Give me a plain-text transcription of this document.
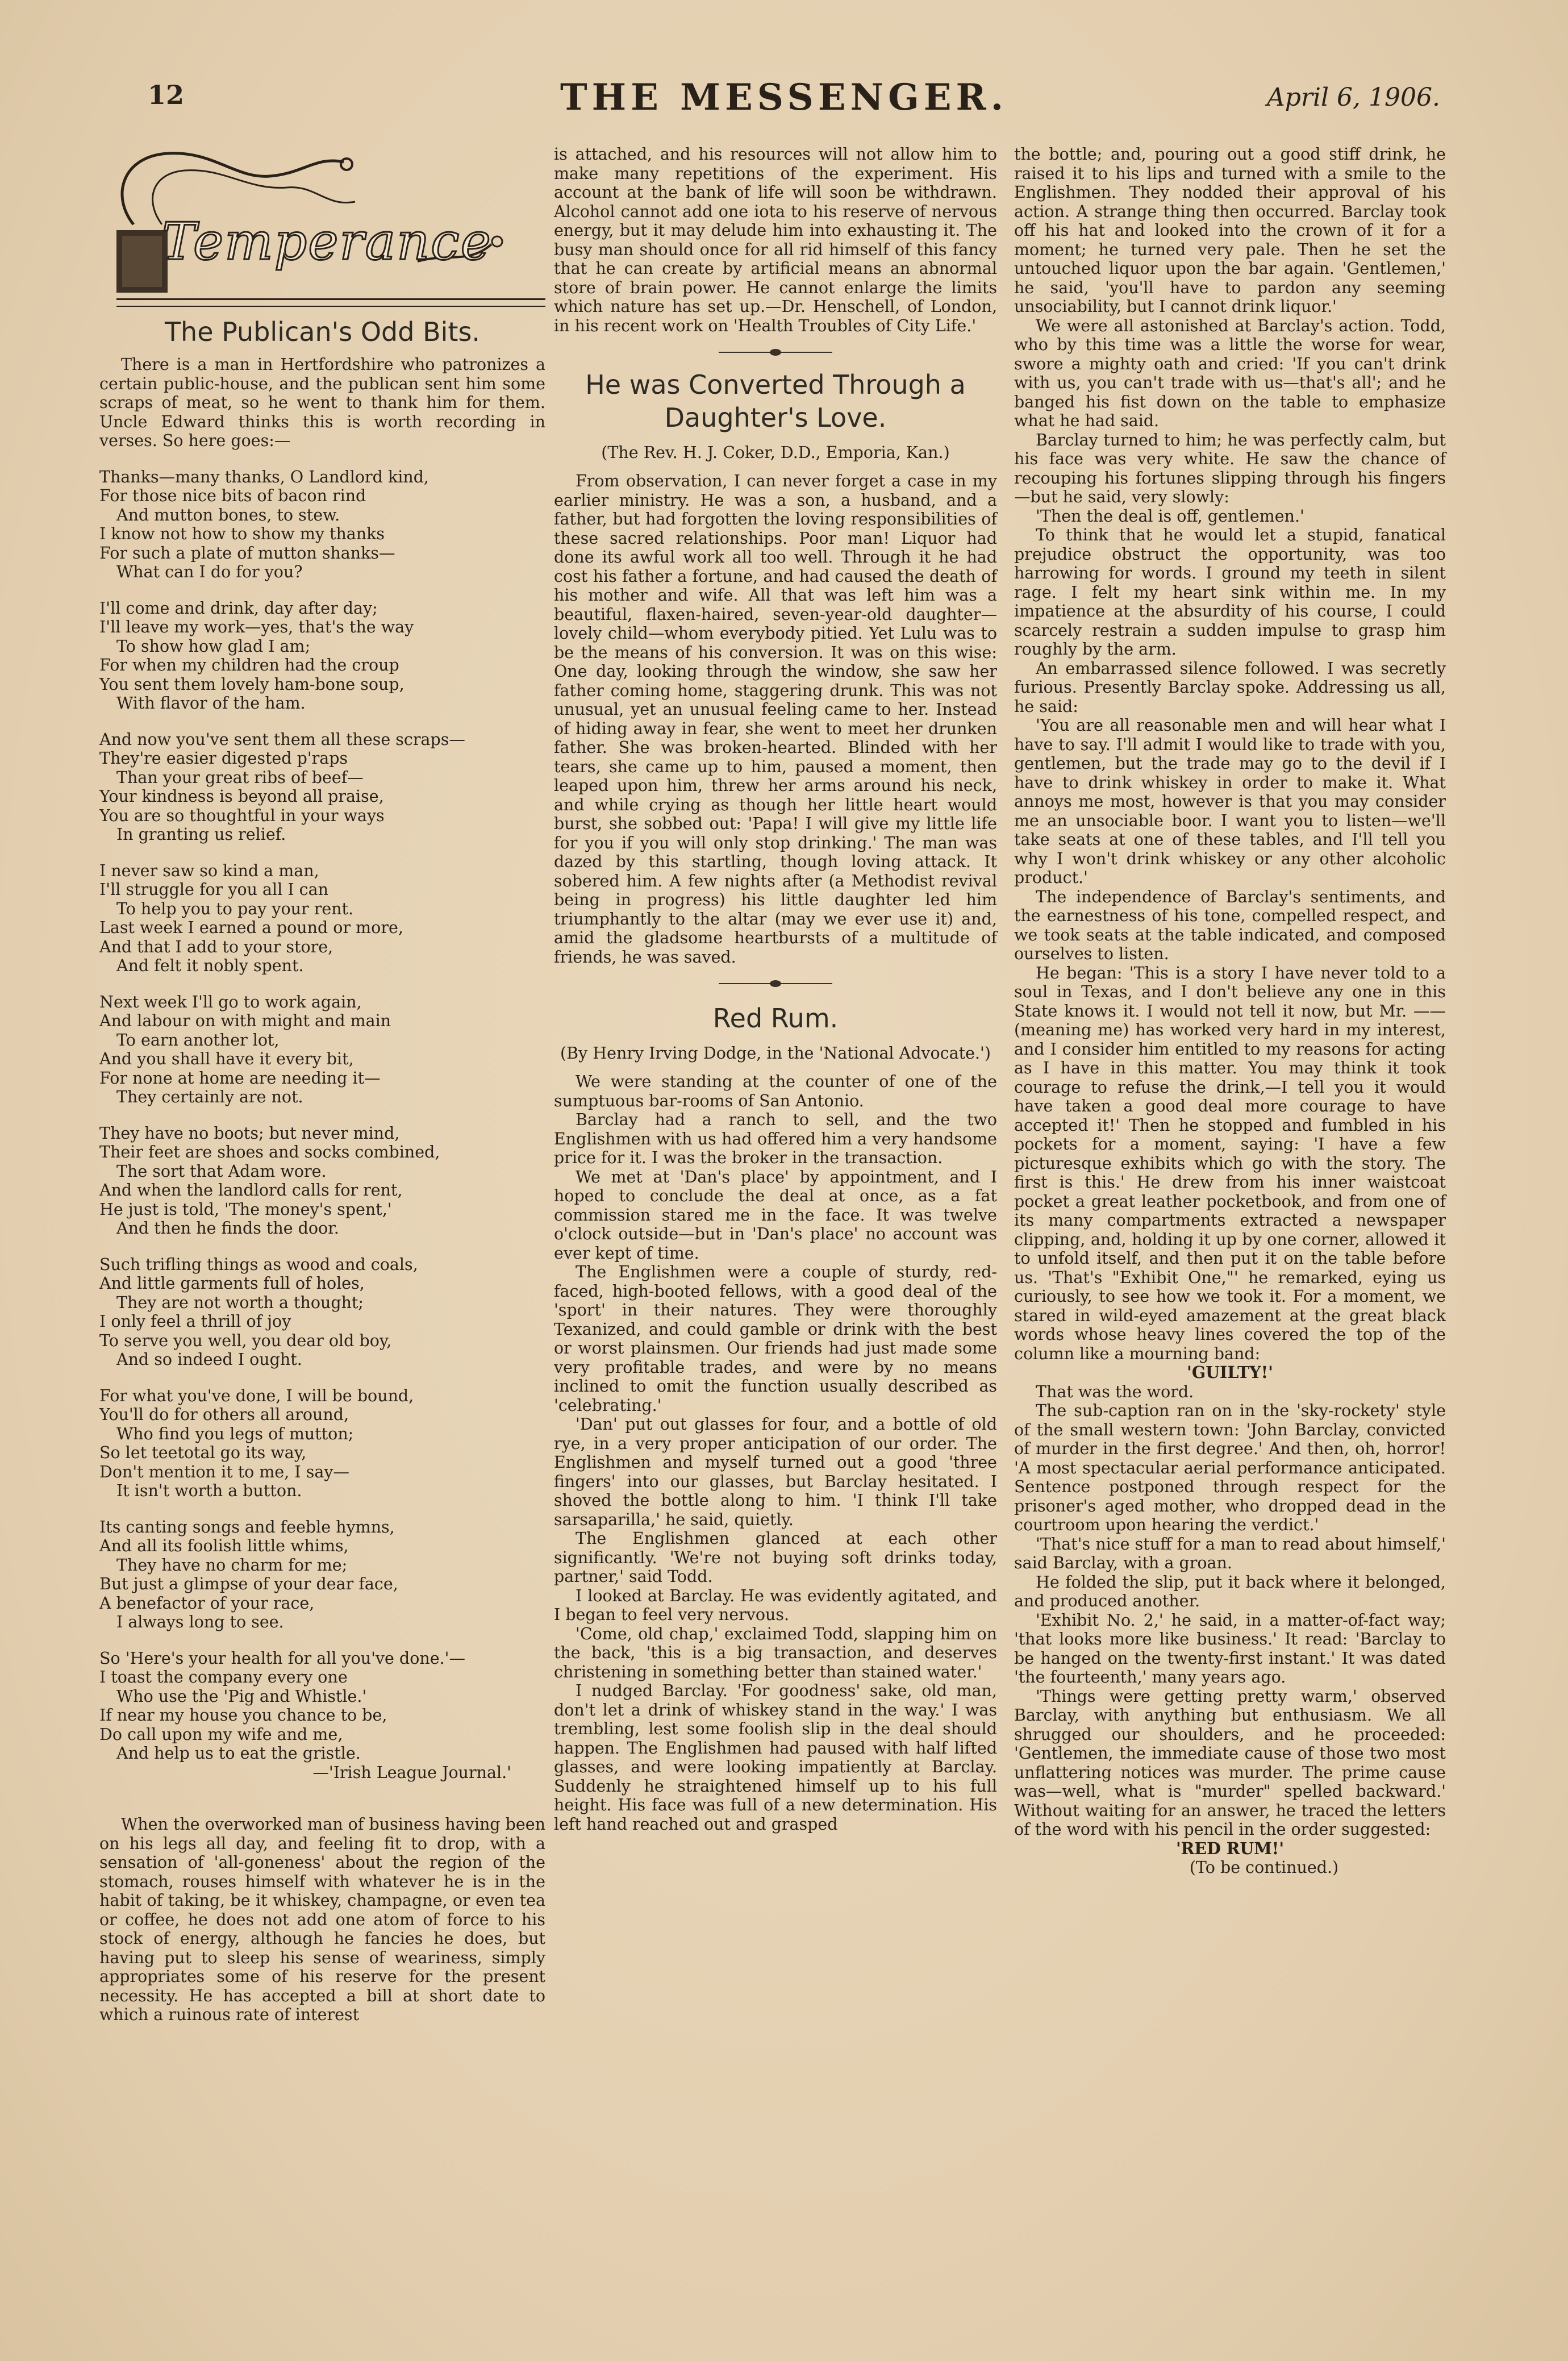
12	THE MESSENGER.	April 6, 1906.
Temperance
The Publican's Odd Bits.

There is a man in Hertfordshire who patronizes a certain public-house, and the publican sent him some scraps of meat, so he went to thank him for them. Uncle Edward thinks this is worth recording in verses. So here goes:—

Thanks—many thanks, O Landlord kind,
For those nice bits of bacon rind
And mutton bones, to stew.
I know not how to show my thanks
For such a plate of mutton shanks—
What can I do for you?
I'll come and drink, day after day;
I'll leave my work—yes, that's the way
To show how glad I am;
For when my children had the croup
You sent them lovely ham-bone soup,
With flavor of the ham.
And now you've sent them all these scraps—
They're easier digested p'raps
Than your great ribs of beef—
Your kindness is beyond all praise,
You are so thoughtful in your ways
In granting us relief.
I never saw so kind a man,
I'll struggle for you all I can
To help you to pay your rent.
Last week I earned a pound or more,
And that I add to your store,
And felt it nobly spent.
Next week I'll go to work again,
And labour on with might and main
To earn another lot,
And you shall have it every bit,
For none at home are needing it—
They certainly are not.
They have no boots; but never mind,
Their feet are shoes and socks combined,
The sort that Adam wore.
And when the landlord calls for rent,
He just is told, 'The money's spent,'
And then he finds the door.
Such trifling things as wood and coals,
And little garments full of holes,
They are not worth a thought;
I only feel a thrill of joy
To serve you well, you dear old boy,
And so indeed I ought.
For what you've done, I will be bound,
You'll do for others all around,
Who find you legs of mutton;
So let teetotal go its way,
Don't mention it to me, I say—
It isn't worth a button.
Its canting songs and feeble hymns,
And all its foolish little whims,
They have no charm for me;
But just a glimpse of your dear face,
A benefactor of your race,
I always long to see.
So 'Here's your health for all you've done.'—
I toast the company every one
Who use the 'Pig and Whistle.'
If near my house you chance to be,
Do call upon my wife and me,
And help us to eat the gristle.

—'Irish League Journal.'

When the overworked man of business having been on his legs all day, and feeling fit to drop, with a sensation of 'all-goneness' about the region of the stomach, rouses himself with whatever he is in the habit of taking, be it whiskey, champagne, or even tea or coffee, he does not add one atom of force to his stock of energy, although he fancies he does, but having put to sleep his sense of weariness, simply appropriates some of his reserve for the present necessity. He has accepted a bill at short date to which a ruinous rate of interest

is attached, and his resources will not allow him to make many repetitions of the experiment. His account at the bank of life will soon be withdrawn. Alcohol cannot add one iota to his reserve of nervous energy, but it may delude him into exhausting it. The busy man should once for all rid himself of this fancy that he can create by artificial means an abnormal store of brain power. He cannot enlarge the limits which nature has set up.—Dr. Henschell, of London, in his recent work on 'Health Troubles of City Life.'

He was Converted Through a Daughter's Love.

(The Rev. H. J. Coker, D.D., Emporia, Kan.)

From observation, I can never forget a case in my earlier ministry. He was a son, a husband, and a father, but had forgotten the loving responsibilities of these sacred relationships. Poor man! Liquor had done its awful work all too well. Through it he had cost his father a fortune, and had caused the death of his mother and wife. All that was left him was a beautiful, flaxen-haired, seven-year-old daughter—lovely child—whom everybody pitied. Yet Lulu was to be the means of his conversion. It was on this wise: One day, looking through the window, she saw her father coming home, staggering drunk. This was not unusual, yet an unusual feeling came to her. Instead of hiding away in fear, she went to meet her drunken father. She was broken-hearted. Blinded with her tears, she came up to him, paused a moment, then leaped upon him, threw her arms around his neck, and while crying as though her little heart would burst, she sobbed out: 'Papa! I will give my little life for you if you will only stop drinking.' The man was dazed by this startling, though loving attack. It sobered him. A few nights after (a Methodist revival being in progress) his little daughter led him triumphantly to the altar (may we ever use it) and, amid the gladsome heartbursts of a multitude of friends, he was saved.

Red Rum.

(By Henry Irving Dodge, in the 'National Advocate.')

We were standing at the counter of one of the sumptuous bar-rooms of San Antonio.

Barclay had a ranch to sell, and the two Englishmen with us had offered him a very handsome price for it. I was the broker in the transaction.

We met at 'Dan's place' by appointment, and I hoped to conclude the deal at once, as a fat commission stared me in the face. It was twelve o'clock outside—but in 'Dan's place' no account was ever kept of time.

The Englishmen were a couple of sturdy, red-faced, high-booted fellows, with a good deal of the 'sport' in their natures. They were thoroughly Texanized, and could gamble or drink with the best or worst plainsmen. Our friends had just made some very profitable trades, and were by no means inclined to omit the function usually described as 'celebrating.'

'Dan' put out glasses for four, and a bottle of old rye, in a very proper anticipation of our order. The Englishmen and myself turned out a good 'three fingers' into our glasses, but Barclay hesitated. I shoved the bottle along to him. 'I think I'll take sarsaparilla,' he said, quietly.

The Englishmen glanced at each other significantly. 'We're not buying soft drinks today, partner,' said Todd.

I looked at Barclay. He was evidently agitated, and I began to feel very nervous.

'Come, old chap,' exclaimed Todd, slapping him on the back, 'this is a big transaction, and deserves christening in something better than stained water.'

I nudged Barclay. 'For goodness' sake, old man, don't let a drink of whiskey stand in the way.' I was trembling, lest some foolish slip in the deal should happen. The Englishmen had paused with half lifted glasses, and were looking impatiently at Barclay. Suddenly he straightened himself up to his full height. His face was full of a new determination. His left hand reached out and grasped

the bottle; and, pouring out a good stiff drink, he raised it to his lips and turned with a smile to the Englishmen. They nodded their approval of his action. A strange thing then occurred. Barclay took off his hat and looked into the crown of it for a moment; he turned very pale. Then he set the untouched liquor upon the bar again. 'Gentlemen,' he said, 'you'll have to pardon any seeming unsociability, but I cannot drink liquor.'

We were all astonished at Barclay's action. Todd, who by this time was a little the worse for wear, swore a mighty oath and cried: 'If you can't drink with us, you can't trade with us—that's all'; and he banged his fist down on the table to emphasize what he had said.

Barclay turned to him; he was perfectly calm, but his face was very white. He saw the chance of recouping his fortunes slipping through his fingers—but he said, very slowly:

'Then the deal is off, gentlemen.'

To think that he would let a stupid, fanatical prejudice obstruct the opportunity, was too harrowing for words. I ground my teeth in silent rage. I felt my heart sink within me. In my impatience at the absurdity of his course, I could scarcely restrain a sudden impulse to grasp him roughly by the arm.

An embarrassed silence followed. I was secretly furious. Presently Barclay spoke. Addressing us all, he said:

'You are all reasonable men and will hear what I have to say. I'll admit I would like to trade with you, gentlemen, but the trade may go to the devil if I have to drink whiskey in order to make it. What annoys me most, however is that you may consider me an unsociable boor. I want you to listen—we'll take seats at one of these tables, and I'll tell you why I won't drink whiskey or any other alcoholic product.'

The independence of Barclay's sentiments, and the earnestness of his tone, compelled respect, and we took seats at the table indicated, and composed ourselves to listen.

He began: 'This is a story I have never told to a soul in Texas, and I don't believe any one in this State knows it. I would not tell it now, but Mr. —— (meaning me) has worked very hard in my interest, and I consider him entitled to my reasons for acting as I have in this matter. You may think it took courage to refuse the drink,—I tell you it would have taken a good deal more courage to have accepted it!' Then he stopped and fumbled in his pockets for a moment, saying: 'I have a few picturesque exhibits which go with the story. The first is this.' He drew from his inner waistcoat pocket a great leather pocketbook, and from one of its many compartments extracted a newspaper clipping, and, holding it up by one corner, allowed it to unfold itself, and then put it on the table before us. 'That's "Exhibit One,"' he remarked, eying us curiously, to see how we took it. For a moment, we stared in wild-eyed amazement at the great black words whose heavy lines covered the top of the column like a mourning band:

'GUILTY!'

That was the word.

The sub-caption ran on in the 'sky-rockety' style of the small western town: 'John Barclay, convicted of murder in the first degree.' And then, oh, horror! 'A most spectacular aerial performance anticipated. Sentence postponed through respect for the prisoner's aged mother, who dropped dead in the courtroom upon hearing the verdict.'

'That's nice stuff for a man to read about himself,' said Barclay, with a groan.

He folded the slip, put it back where it belonged, and produced another.

'Exhibit No. 2,' he said, in a matter-of-fact way; 'that looks more like business.' It read: 'Barclay to be hanged on the twenty-first instant.' It was dated 'the fourteenth,' many years ago.

'Things were getting pretty warm,' observed Barclay, with anything but enthusiasm. We all shrugged our shoulders, and he proceeded: 'Gentlemen, the immediate cause of those two most unflattering notices was murder. The prime cause was—well, what is "murder" spelled backward.' Without waiting for an answer, he traced the letters of the word with his pencil in the order suggested:

'RED RUM!'

(To be continued.)
